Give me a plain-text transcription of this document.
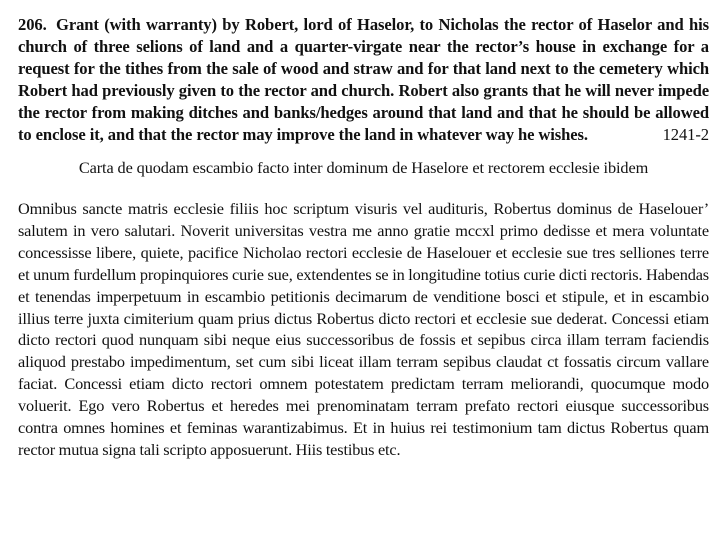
206. Grant (with warranty) by Robert, lord of Haselor, to Nicholas the rector of Haselor and his church of three selions of land and a quarter-virgate near the rector’s house in exchange for a request for the tithes from the sale of wood and straw and for that land next to the cemetery which Robert had previously given to the rector and church. Robert also grants that he will never impede the rector from making ditches and banks/hedges around that land and that he should be allowed to enclose it, and that the rector may improve the land in whatever way he wishes.	1241-2
Carta de quodam escambio facto inter dominum de Haselore et rectorem ecclesie ibidem
Omnibus sancte matris ecclesie filiis hoc scriptum visuris vel audituris, Robertus dominus de Haselouer’ salutem in vero salutari. Noverit universitas vestra me anno gratie mccxl primo dedisse et mera voluntate concessisse libere, quiete, pacifice Nicholao rectori ecclesie de Haselouer et ecclesie sue tres selliones terre et unum furdellum propinquiores curie sue, extendentes se in longitudine totius curie dicti rectoris. Habendas et tenendas imperpetuum in escambio petitionis decimarum de venditione bosci et stipule, et in escambio illius terre juxta cimiterium quam prius dictus Robertus dicto rectori et ecclesie sue dederat. Concessi etiam dicto rectori quod nunquam sibi neque eius successoribus de fossis et sepibus circa illam terram faciendis aliquod prestabo impedimentum, set cum sibi liceat illam terram sepibus claudat ct fossatis circum vallare faciat. Concessi etiam dicto rectori omnem potestatem predictam terram meliorandi, quocumque modo voluerit. Ego vero Robertus et heredes mei prenominatam terram prefato rectori eiusque successoribus contra omnes homines et feminas warantizabimus. Et in huius rei testimonium tam dictus Robertus quam rector mutua signa tali scripto apposuerunt. Hiis testibus etc.
